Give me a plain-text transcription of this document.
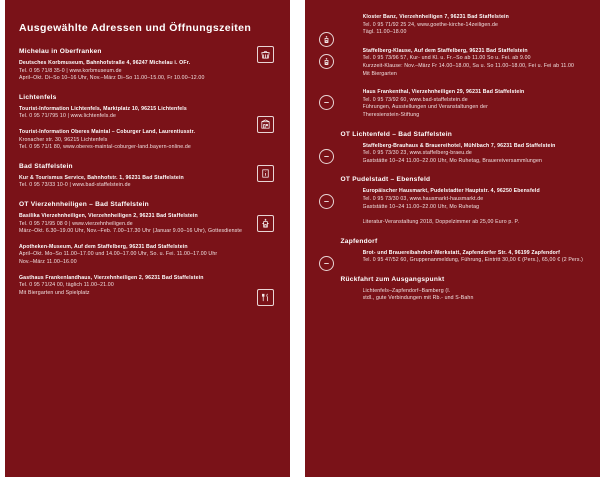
Ausgewählte Adressen und Öffnungszeiten
Michelau in Oberfranken
Deutsches Korbmuseum, Bahnhofstraße 4, 96247 Michelau i. OFr.
Tel. 0 95 71/8 35-0 | www.korbmuseum.de
April–Okt. Di–So 10–16 Uhr, Nov.–März Di–So 11.00–15.00, Fr 10.00–12.00
Lichtenfels
Tourist-Information Lichtenfels, Marktplatz 10, 96215 Lichtenfels
Tel. 0 95 71/795 10 | www.lichtenfels.de
Tourist-Information Oberes Maintal – Coburger Land, Laurentiusstr.
Kronacher str. 30, 96215 Lichtenfels
Tel. 0 95 71/1 80, www.oberes-maintal-coburger-land.bayern-online.de
Bad Staffelstein
Kur & Tourismus Service, Bahnhofstr. 1, 96231 Bad Staffelstein
Tel. 0 95 73/33 10-0 | www.bad-staffelstein.de
OT Vierzehnheiligen – Bad Staffelstein
Basilika Vierzehnheiligen, Vierzehnheiligen 2, 96231 Bad Staffelstein
Tel. 0 95 71/95 08 0 | www.vierzehnheiligen.de
März–Okt. 6.30–19.00 Uhr, Nov.–Feb. 7.00–17.30 Uhr (Januar 9.00–16 Uhr), Gottesdienste
Apotheken-Museum, Auf dem Staffelberg, 96231 Bad Staffelstein
April–Okt. Mo–So 11.00–17.00 und 14.00–17.00 Uhr, So. u. Fei. 11.00–17.00 Uhr
Nov.–März 11.00–16.00
Gasthaus Frankenlandhaus, Vierzehnheiligen 2, 96231 Bad Staffelstein
Tel. 0 95 71/24 00, täglich 11.00–21.00
Mit Biergarten und Spielplatz
Kloster Banz, Vierzehnheiligen 7, 96231 Bad Staffelstein
Tel. 0 95 71/92 25 24, www.goethe-kirche-14zeiligen.de
Tägl. 11.00–18.00
Staffelberg-Klause, Auf dem Staffelberg, 96231 Bad Staffelstein
Tel. 0 95 73/96 57, Kur- und Kl. u. Fr.–So ab 11.00 So u. Fei. ab 9.00
Kurzzeit-Klause: Nov.–März Fr 14.00–18.00, Sa u. So 11.00–18.00, Fei u. Fei ab 11.00
Mit Biergarten
Haus Frankenthal, Vierzehnheiligen 29, 96231 Bad Staffelstein
Tel. 0 95 73/92 60, www.bad-staffelstein.de
Führungen, Ausstellungen und Veranstaltungen der
Theresienstein-Stiftung
OT Lichtenfeld – Bad Staffelstein
Staffelberg-Brauhaus & Brauereihotel, Mühlbach 7, 96231 Bad Staffelstein
Tel. 0 95 73/30 23, www.staffelberg-braeu.de
Gaststätte 10–24 11.00–22.00 Uhr, Mo Ruhetag, Brauereiversammlungen
OT Pudelstadt – Ebensfeld
Europäischer Hausmarkt, Pudelstadter Hauptstr. 4, 96250 Ebensfeld
Tel. 0 95 73/30 03, www.hausmarkt-hausmarkt.de
Gaststätte 10–24 11.00–22.00 Uhr, Mo Ruhetag
Literatur-Veranstaltung 2018, Doppelzimmer ab 25,00 Euro p. P.
Zapfendorf
Brot- und Brauereibahnhof-Werkstatt, Zapfendorfer Str. 4, 96199 Zapfendorf
Tel. 0 95 47/52 60, Gruppenanmeldung, Führung, Eintritt 30,00 € (Pers.), 65,00 € (2 Pers.)
Rückfahrt zum Ausgangspunkt
Lichtenfels–Zapfendorf–Bamberg (I.
stdl., gute Verbindungen mit Rb.- und S-Bahn
